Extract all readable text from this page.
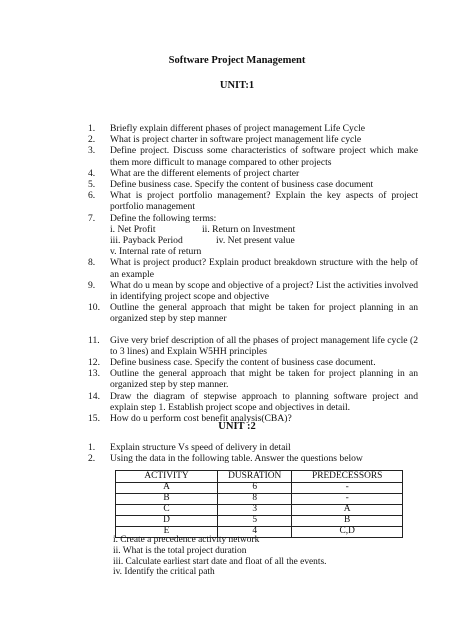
Software Project Management
UNIT:1
1. Briefly explain different phases of project management Life Cycle
2. What is project charter in software project management life cycle
3. Define project. Discuss some characteristics of software project which make them more difficult to manage compared to other projects
4. What are the different elements of project charter
5. Define business case. Specify the content of business case document
6. What is project portfolio management? Explain the key aspects of project portfolio management
7. Define the following terms:
i. Net Profit	ii. Return on Investment
iii. Payback Period	iv. Net present value
v. Internal rate of return
8. What is project product? Explain product breakdown structure with the help of an example
9. What do u mean by scope and objective of a project? List the activities involved in identifying project scope and objective
10. Outline the general approach that might be taken for project planning in an organized step by step manner
11. Give very brief description of all the phases of project management life cycle (2 to 3 lines) and Explain W5HH principles
12. Define business case. Specify the content of business case document.
13. Outline the general approach that might be taken for project planning in an organized step by step manner.
14. Draw the diagram of stepwise approach to planning software project and explain step 1. Establish project scope and objectives in detail.
15. How do u perform cost benefit analysis(CBA)?
UNIT :2
1. Explain structure Vs speed of delivery in detail
2. Using the data in the following table. Answer the questions below
ACTIVITY	DUSRATION	PREDECESSORS
A	6	-
B	8	-
C	3	A
D	5	B
E	4	C,D
i. Create a precedence activity network
ii. What is the total project duration
iii. Calculate earliest start date and float of all the events.
iv. Identify the critical path
